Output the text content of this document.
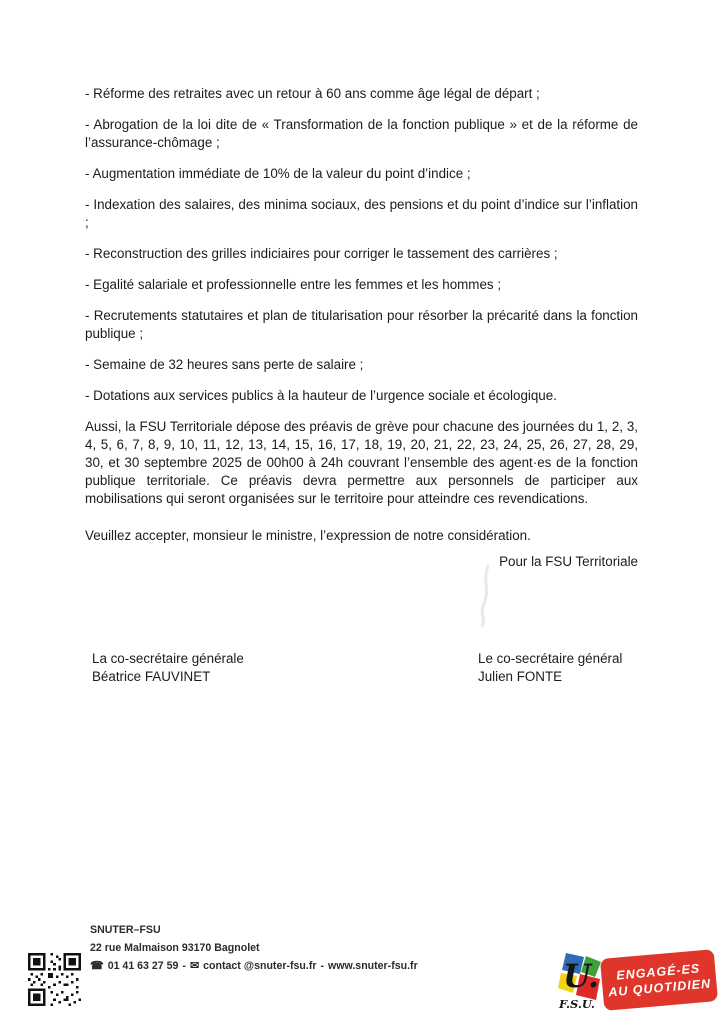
- Réforme des retraites avec un retour à 60 ans comme âge légal de départ ;

- Abrogation de la loi dite de « Transformation de la fonction publique » et de la réforme de l’assurance-chômage ;

- Augmentation immédiate de 10% de la valeur du point d’indice ;

- Indexation des salaires, des minima sociaux, des pensions et du point d’indice sur l’inflation ;

- Reconstruction des grilles indiciaires pour corriger le tassement des carrières ;

- Egalité salariale et professionnelle entre les femmes et les hommes ;

- Recrutements statutaires et plan de titularisation pour résorber la précarité dans la fonction publique ;

- Semaine de 32 heures sans perte de salaire ;

- Dotations aux services publics à la hauteur de l’urgence sociale et écologique.

Aussi, la FSU Territoriale dépose des préavis de grève pour chacune des journées du 1, 2, 3, 4, 5, 6, 7, 8, 9, 10, 11, 12, 13, 14, 15, 16, 17, 18, 19, 20, 21, 22, 23, 24, 25, 26, 27, 28, 29, 30, et 30 septembre 2025 de 00h00 à 24h couvrant l’ensemble des agent·es de la fonction publique territoriale. Ce préavis devra permettre aux personnels de participer aux mobilisations qui seront organisées sur le territoire pour atteindre ces revendications.

Veuillez accepter, monsieur le ministre, l’expression de notre considération.

Pour la FSU Territoriale

La co-secrétaire générale
Béatrice FAUVINET
Le co-secrétaire général
Julien FONTE
SNUTER–FSU
22 rue Malmaison 93170 Bagnolet
☎ 01 41 63 27 59 - ✉ contact @snuter-fsu.fr - www.snuter-fsu.fr	U.
F.S.U.
ENGAGÉ-ES
AU QUOTIDIEN
